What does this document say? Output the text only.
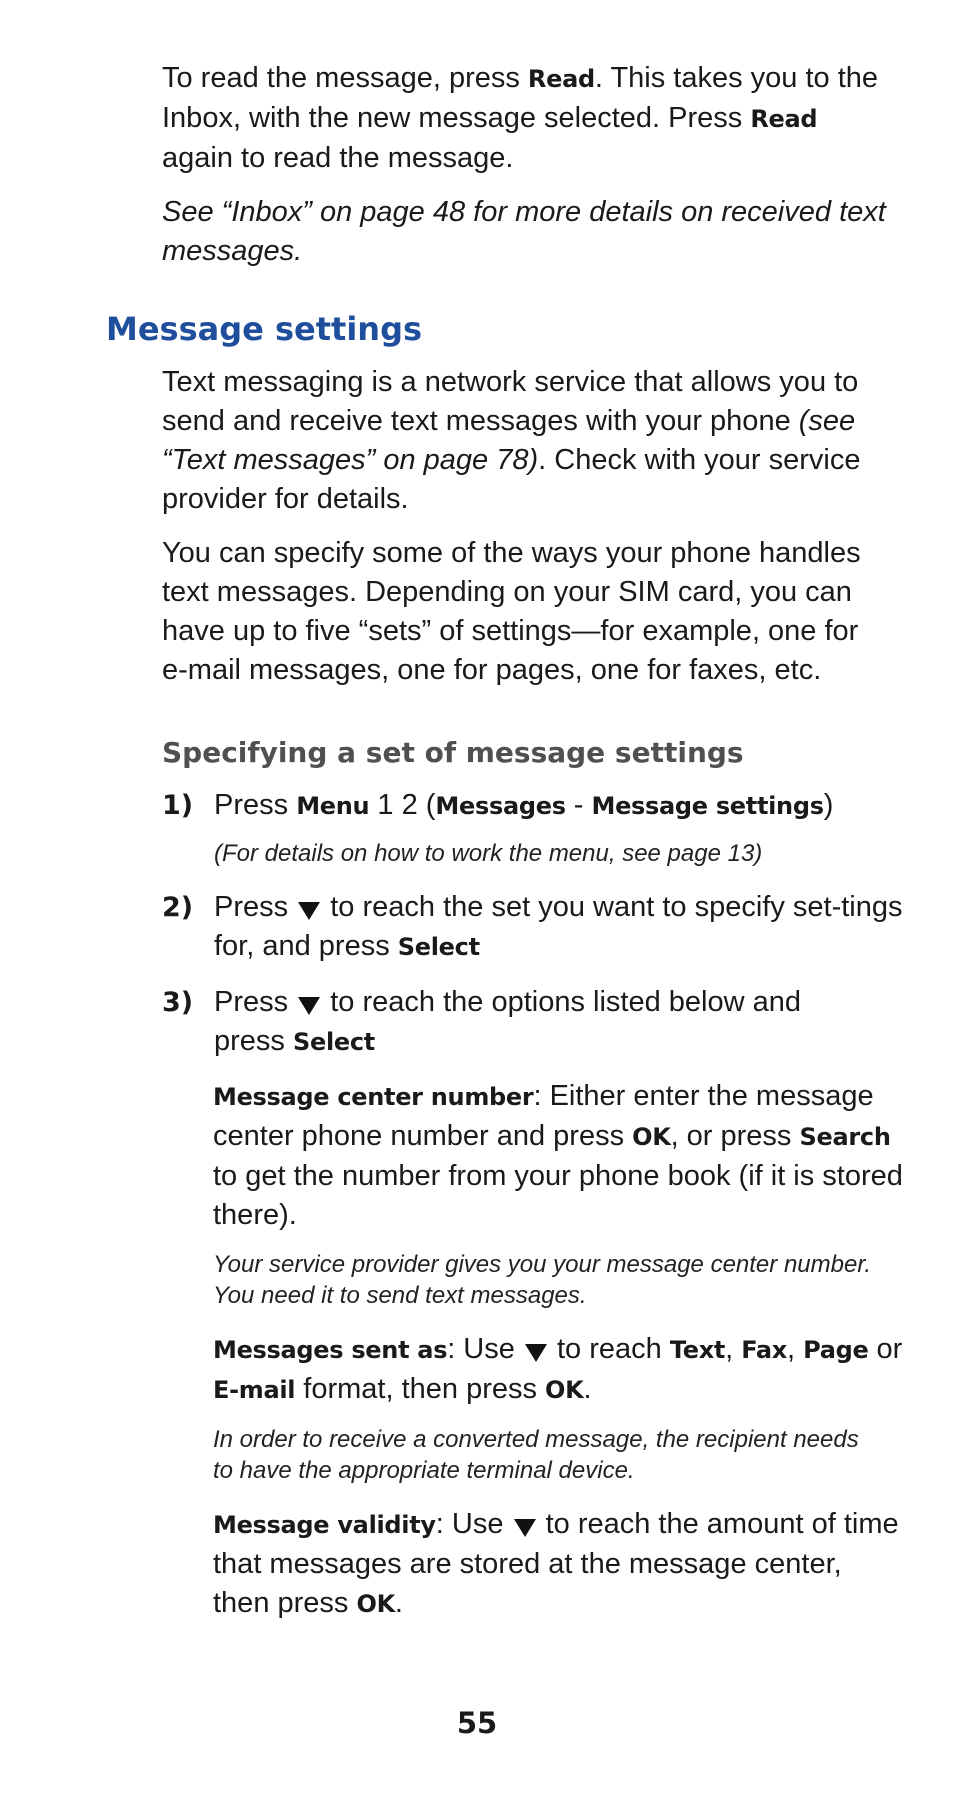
To read the message, press Read. This takes you to the Inbox, with the new message selected. Press Read again to read the message.

See “Inbox” on page 48 for more details on received text messages.

Message settings

Text messaging is a network service that allows you to send and receive text messages with your phone (see “Text messages” on page 78). Check with your service provider for details.

You can specify some of the ways your phone handles text messages. Depending on your SIM card, you can have up to five “sets” of settings—for example, one for e-mail messages, one for pages, one for faxes, etc.

Specifying a set of message settings
1) Press Menu 1 2 (Messages - Message settings)
(For details on how to work the menu, see page 13)
2) Press  to reach the set you want to specify set-tings for, and press Select
3) Press  to reach the options listed below and press Select
Message center number: Either enter the message center phone number and press OK, or press Search to get the number from your phone book (if it is stored there).
Your service provider gives you your message center number. You need it to send text messages.
Messages sent as: Use  to reach Text, Fax, Page or E-mail format, then press OK.
In order to receive a converted message, the recipient needs to have the appropriate terminal device.
Message validity: Use  to reach the amount of time that messages are stored at the message center, then press OK.
55
